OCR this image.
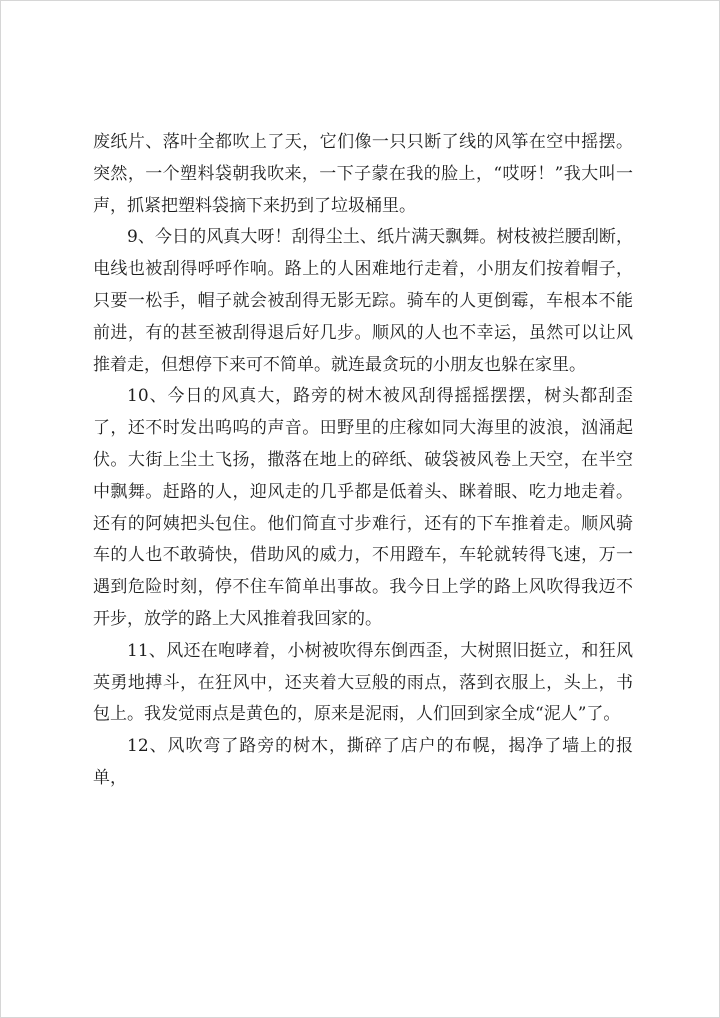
废纸片、落叶全都吹上了天，它们像一只只断了线的风筝在空中摇摆。突然，一个塑料袋朝我吹来，一下子蒙在我的脸上，“哎呀！”我大叫一声，抓紧把塑料袋摘下来扔到了垃圾桶里。

9、今日的风真大呀！刮得尘土、纸片满天飘舞。树枝被拦腰刮断，电线也被刮得呼呼作响。路上的人困难地行走着，小朋友们按着帽子，只要一松手，帽子就会被刮得无影无踪。骑车的人更倒霉，车根本不能前进，有的甚至被刮得退后好几步。顺风的人也不幸运，虽然可以让风推着走，但想停下来可不简单。就连最贪玩的小朋友也躲在家里。

10、今日的风真大，路旁的树木被风刮得摇摇摆摆，树头都刮歪了，还不时发出呜呜的声音。田野里的庄稼如同大海里的波浪，汹涌起伏。大街上尘土飞扬，撒落在地上的碎纸、破袋被风卷上天空，在半空中飘舞。赶路的人，迎风走的几乎都是低着头、眯着眼、吃力地走着。还有的阿姨把头包住。他们简直寸步难行，还有的下车推着走。顺风骑车的人也不敢骑快，借助风的威力，不用蹬车，车轮就转得飞速，万一遇到危险时刻，停不住车简单出事故。我今日上学的路上风吹得我迈不开步，放学的路上大风推着我回家的。

11、风还在咆哮着，小树被吹得东倒西歪，大树照旧挺立，和狂风英勇地搏斗，在狂风中，还夹着大豆般的雨点，落到衣服上，头上，书包上。我发觉雨点是黄色的，原来是泥雨，人们回到家全成“泥人”了。

12、风吹弯了路旁的树木，撕碎了店户的布幌，揭净了墙上的报单，
